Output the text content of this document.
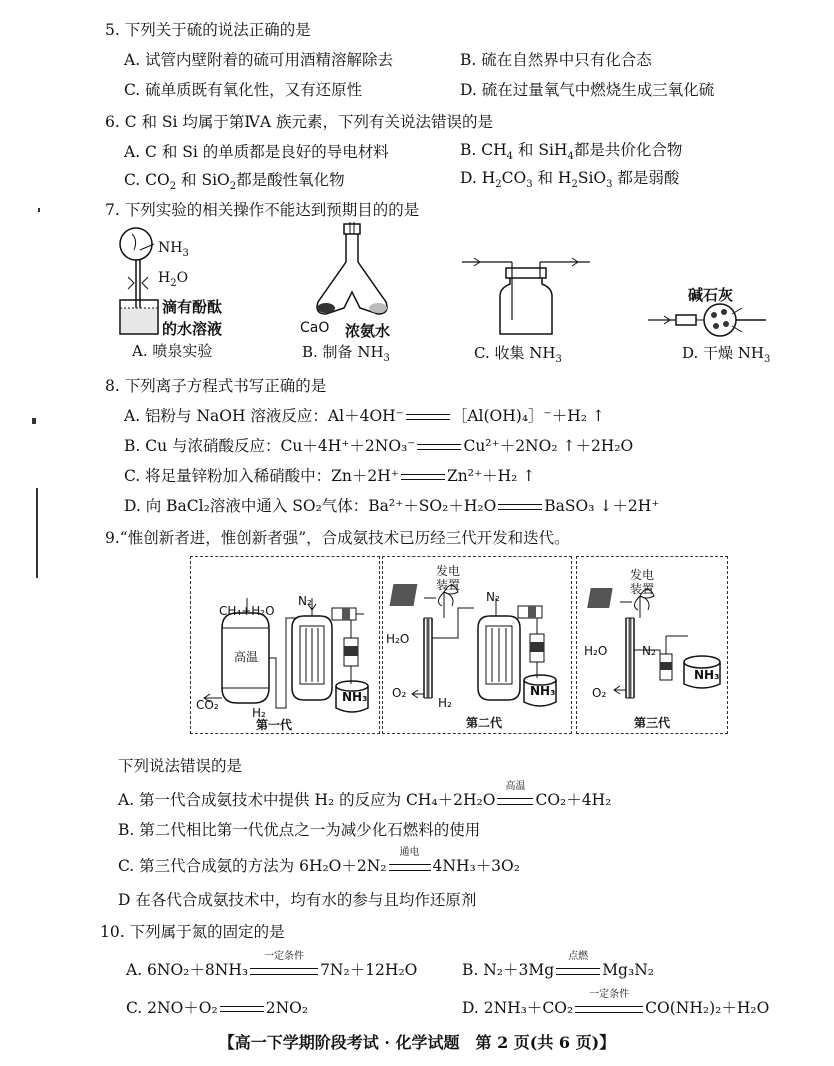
5. 下列关于硫的说法正确的是
A. 试管内壁附着的硫可用酒精溶解除去	B. 硫在自然界中只有化合态
C. 硫单质既有氧化性，又有还原性	D. 硫在过量氧气中燃烧生成三氧化硫
6. C 和 Si 均属于第ⅣA 族元素，下列有关说法错误的是
A. C 和 Si 的单质都是良好的导电材料	B. $CH_4$ 和 SiH$_4$都是共价化合物
C. $CO_2$ 和 SiO$_2$都是酸性氧化物	D. $H_2CO_3$ 和 $H_2SiO_3$ 都是弱酸
7. 下列实验的相关操作不能达到预期目的的是
$NH_3$
$H_2O$
滴有酚酞
的水溶液
A. 喷泉实验
CaO 浓氨水
B. 制备 $NH_3$	C. 收集 $NH_3$
碱石灰
D. 干燥 $NH_3$
8. 下列离子方程式书写正确的是
A. 铝粉与 NaOH 溶液反应：Al＋4OH⁻	［Al(OH)₄］⁻＋H₂ ↑
B. Cu 与浓硝酸反应：Cu＋4H⁺＋2NO₃⁻	Cu²⁺＋2NO₂ ↑＋2H₂O
C. 将足量锌粉加入稀硝酸中：Zn＋2H⁺	Zn²⁺＋H₂ ↑
D. 向 BaCl₂溶液中通入 SO₂气体：Ba²⁺＋SO₂＋H₂O	BaSO₃ ↓＋2H⁺
9.“惟创新者进，惟创新者强”，合成氨技术已历经三代开发和迭代。
CH₄+H₂O
高温
N₂
CO₂
H₂
NH₃
第一代
发电
装置
H₂O
N₂
O₂
H₂
NH₃
第二代
发电
装置
H₂O	N₂
O₂
NH₃
第三代
下列说法错误的是
A. 第一代合成氨技术中提供 H₂ 的反应为 CH₄＋2H₂O
高温
CO₂＋4H₂
B. 第二代相比第一代优点之一为减少化石燃料的使用
C. 第三代合成氨的方法为 6H₂O＋2N₂
通电
4NH₃＋3O₂
D 在各代合成氨技术中，均有水的参与且均作还原剂
10. 下列属于氮的固定的是
A. 6NO₂＋8NH₃
一定条件
7N₂＋12H₂O	B. N₂＋3Mg
点燃
Mg₃N₂
C. 2NO＋O₂	2NO₂	D. 2NH₃＋CO₂
一定条件
CO(NH₂)₂＋H₂O
【高一下学期阶段考试 · 化学试题　第 2 页(共 6 页)】
